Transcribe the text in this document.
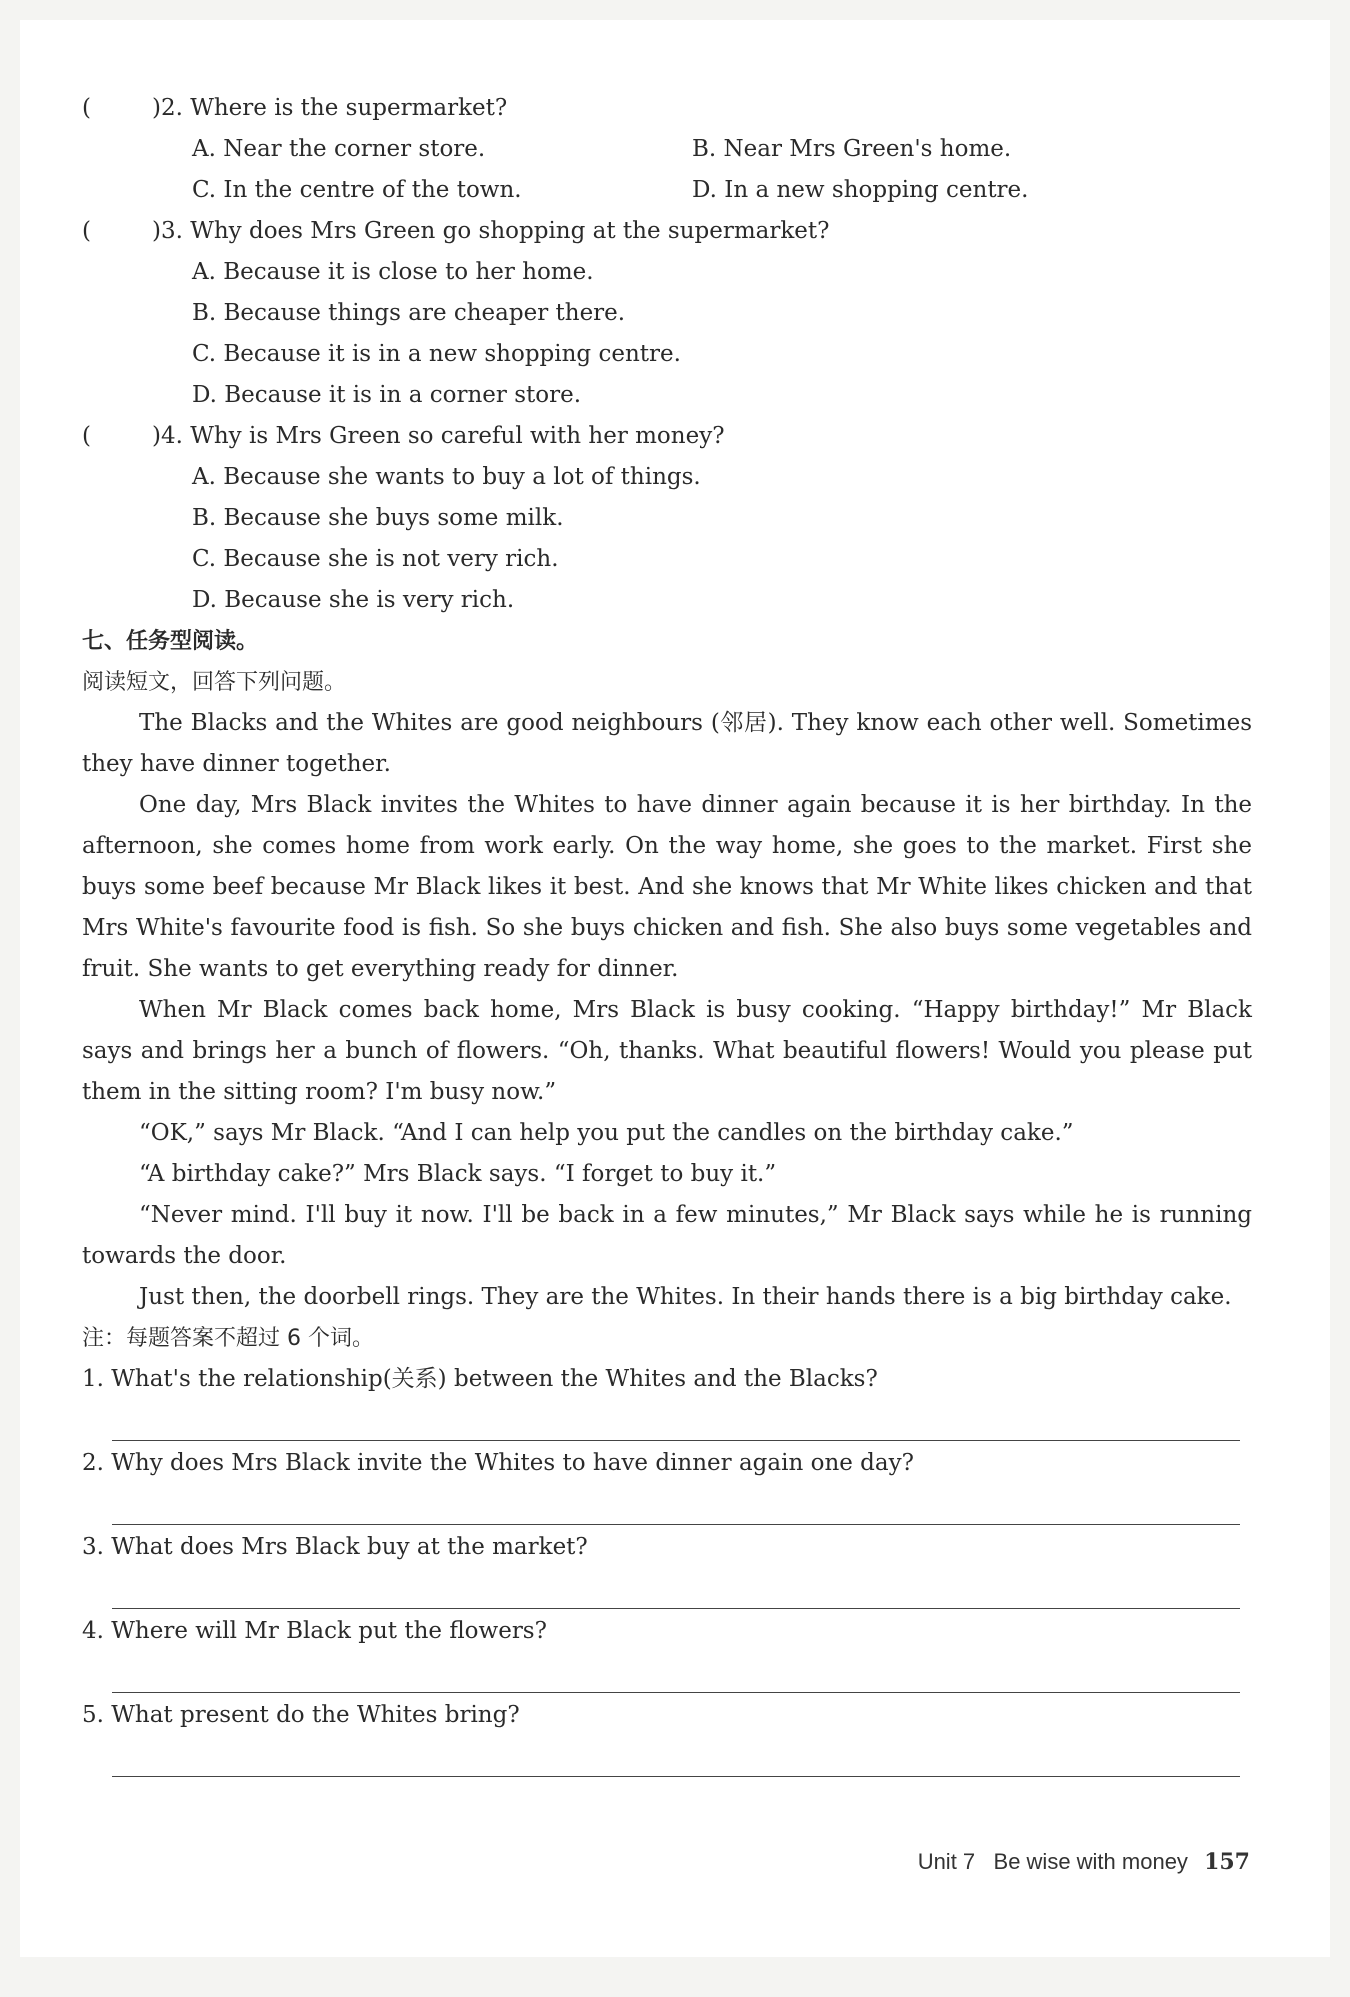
(	)2. Where is the supermarket?
A. Near the corner store.	B. Near Mrs Green's home.
C. In the centre of the town.	D. In a new shopping centre.
(	)3. Why does Mrs Green go shopping at the supermarket?
A. Because it is close to her home.
B. Because things are cheaper there.
C. Because it is in a new shopping centre.
D. Because it is in a corner store.
(	)4. Why is Mrs Green so careful with her money?
A. Because she wants to buy a lot of things.
B. Because she buys some milk.
C. Because she is not very rich.
D. Because she is very rich.
七、任务型阅读。
阅读短文，回答下列问题。

The Blacks and the Whites are good neighbours (邻居). They know each other well. Sometimes they have dinner together.

One day, Mrs Black invites the Whites to have dinner again because it is her birthday. In the afternoon, she comes home from work early. On the way home, she goes to the market. First she buys some beef because Mr Black likes it best. And she knows that Mr White likes chicken and that Mrs White's favourite food is fish. So she buys chicken and fish. She also buys some vegetables and fruit. She wants to get everything ready for dinner.

When Mr Black comes back home, Mrs Black is busy cooking. “Happy birthday!” Mr Black says and brings her a bunch of flowers. “Oh, thanks. What beautiful flowers! Would you please put them in the sitting room? I'm busy now.”

“OK,” says Mr Black. “And I can help you put the candles on the birthday cake.”

“A birthday cake?” Mrs Black says. “I forget to buy it.”

“Never mind. I'll buy it now. I'll be back in a few minutes,” Mr Black says while he is running towards the door.

Just then, the doorbell rings. They are the Whites. In their hands there is a big birthday cake.

注：每题答案不超过 6 个词。
1. What's the relationship(关系) between the Whites and the Blacks?
2. Why does Mrs Black invite the Whites to have dinner again one day?
3. What does Mrs Black buy at the market?
4. Where will Mr Black put the flowers?
5. What present do the Whites bring?
Unit 7 Be wise with money 157
